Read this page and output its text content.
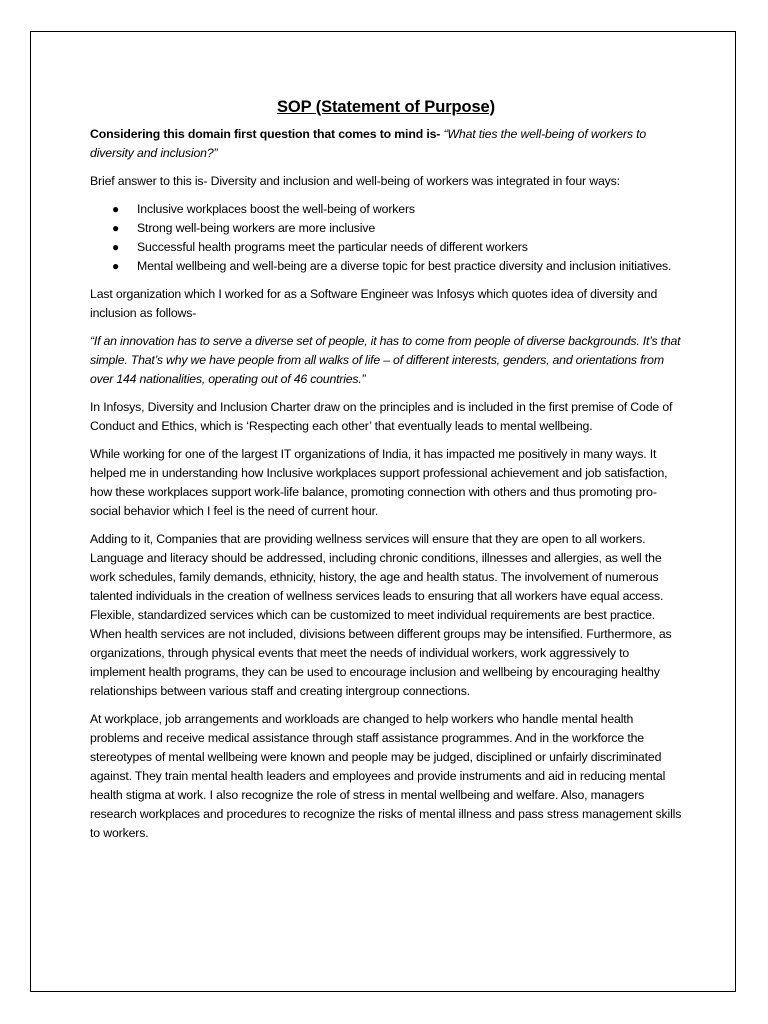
SOP (Statement of Purpose)
Considering this domain first question that comes to mind is- “What ties the well-being of workers to diversity and inclusion?”
Brief answer to this is- Diversity and inclusion and well-being of workers was integrated in four ways:
● Inclusive workplaces boost the well-being of workers
● Strong well-being workers are more inclusive
● Successful health programs meet the particular needs of different workers
● Mental wellbeing and well-being are a diverse topic for best practice diversity and inclusion initiatives.
Last organization which I worked for as a Software Engineer was Infosys which quotes idea of diversity and inclusion as follows-
“If an innovation has to serve a diverse set of people, it has to come from people of diverse backgrounds. It’s that simple. That’s why we have people from all walks of life – of different interests, genders, and orientations from over 144 nationalities, operating out of 46 countries.”
In Infosys, Diversity and Inclusion Charter draw on the principles and is included in the first premise of Code of Conduct and Ethics, which is ‘Respecting each other’ that eventually leads to mental wellbeing.
While working for one of the largest IT organizations of India, it has impacted me positively in many ways. It helped me in understanding how Inclusive workplaces support professional achievement and job satisfaction, how these workplaces support work-life balance, promoting connection with others and thus promoting pro-social behavior which I feel is the need of current hour.
Adding to it, Companies that are providing wellness services will ensure that they are open to all workers. Language and literacy should be addressed, including chronic conditions, illnesses and allergies, as well the work schedules, family demands, ethnicity, history, the age and health status. The involvement of numerous talented individuals in the creation of wellness services leads to ensuring that all workers have equal access. Flexible, standardized services which can be customized to meet individual requirements are best practice. When health services are not included, divisions between different groups may be intensified. Furthermore, as organizations, through physical events that meet the needs of individual workers, work aggressively to implement health programs, they can be used to encourage inclusion and wellbeing by encouraging healthy relationships between various staff and creating intergroup connections.
At workplace, job arrangements and workloads are changed to help workers who handle mental health problems and receive medical assistance through staff assistance programmes. And in the workforce the stereotypes of mental wellbeing were known and people may be judged, disciplined or unfairly discriminated against. They train mental health leaders and employees and provide instruments and aid in reducing mental health stigma at work. I also recognize the role of stress in mental wellbeing and welfare. Also, managers research workplaces and procedures to recognize the risks of mental illness and pass stress management skills to workers.
